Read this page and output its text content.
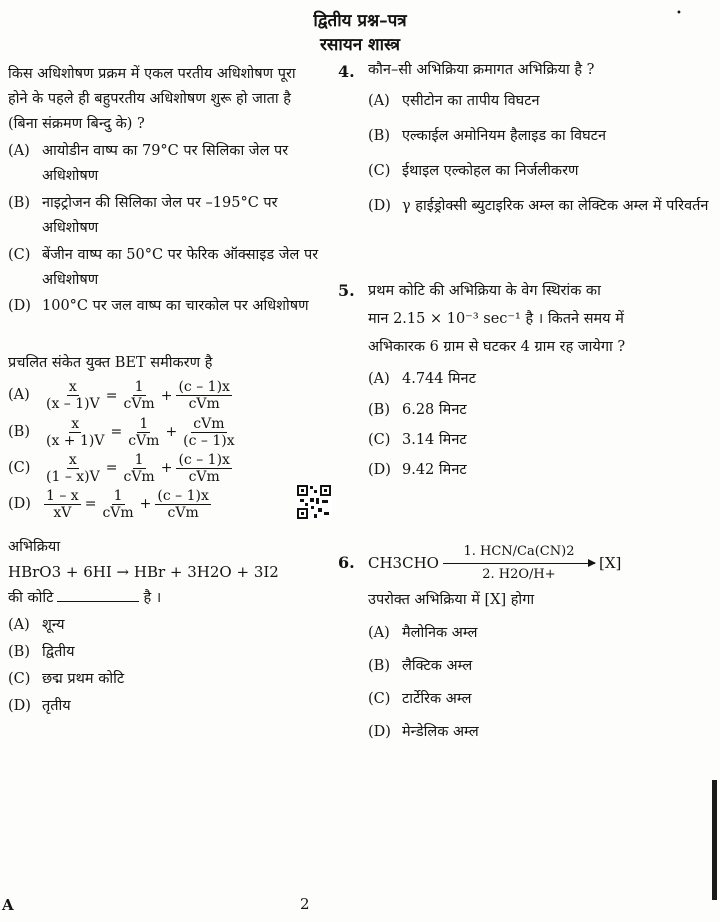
•
द्वितीय प्रश्न–पत्र
रसायन शास्त्र
किस अधिशोषण प्रक्रम में एकल परतीय अधिशोषण पूरा होने के पहले ही बहुपरतीय अधिशोषण शुरू हो जाता है (बिना संक्रमण बिन्दु के) ?
(A) आयोडीन वाष्प का 79°C पर सिलिका जेल पर अधिशोषण
(B) नाइट्रोजन की सिलिका जेल पर –195°C पर अधिशोषण
(C) बेंजीन वाष्प का 50°C पर फेरिक ऑक्साइड जेल पर अधिशोषण
(D) 100°C पर जल वाष्प का चारकोल पर अधिशोषण
प्रचलित संकेत युक्त BET समीकरण है
(A)	$\frac{x}{(x - 1)V} = \frac{1}{\text{cVm}} + \frac{(c - 1)x}{\text{cVm}}$
(B)	$\frac{x}{(x + 1)V} = \frac{1}{\text{cVm}} + \frac{\text{cVm}}{(c - 1)x}$
$(C) \frac{x}{(1 - x)V} = \frac{1}{\text{cVm}} + \frac{(c - 1)x}{\text{cVm}}$
$(D) \frac{1 - x}{xV} = \frac{1}{\text{cVm}} + \frac{(c - 1)x}{\text{cVm}}$
अभिक्रिया
HBrO3 + 6HI → HBr + 3H2O + 3I2
की कोटि	है ।
(A) शून्य
(B) द्वितीय
(C) छद्म प्रथम कोटि
(D) तृतीय
4. कौन–सी अभिक्रिया क्रमागत अभिक्रिया है ?
(A) एसीटोन का तापीय विघटन
(B) एल्काईल अमोनियम हैलाइड का विघटन
(C) ईथाइल एल्कोहल का निर्जलीकरण
(D) γ हाईड्रोक्सी ब्युटाइरिक अम्ल का लेक्टिक अम्ल में परिवर्तन
5. प्रथम कोटि की अभिक्रिया के वेग स्थिरांक का
मान 2.15 × 10⁻³ sec⁻¹ है । कितने समय में
अभिकारक 6 ग्राम से घटकर 4 ग्राम रह जायेगा ?
(A) 4.744 मिनट
(B) 6.28 मिनट
(C) 3.14 मिनट
(D) 9.42 मिनट
6. CH3CHO
1. HCN/Ca(CN)2
2. H2O/H+
[X]
उपरोक्त अभिक्रिया में [X] होगा
(A) मैलोनिक अम्ल
(B) लैक्टिक अम्ल
(C) टार्टेरिक अम्ल
(D) मेन्डेलिक अम्ल
A	2
